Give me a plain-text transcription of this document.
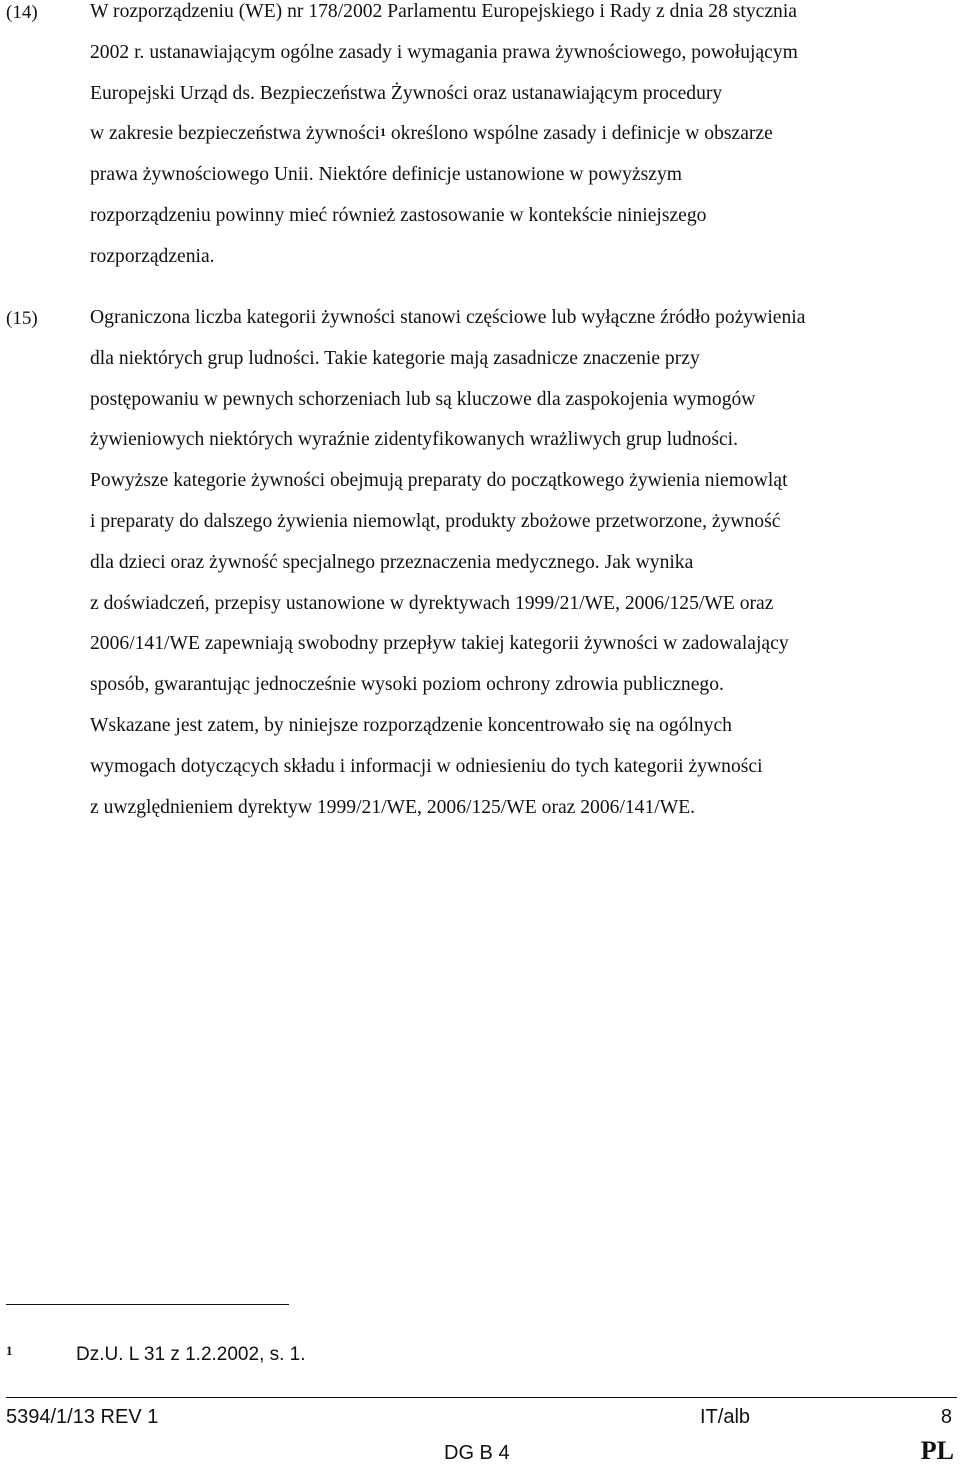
(14)	W rozporządzeniu (WE) nr 178/2002 Parlamentu Europejskiego i Rady z dnia 28 stycznia
2002 r. ustanawiającym ogólne zasady i wymagania prawa żywnościowego, powołującym
Europejski Urząd ds. Bezpieczeństwa Żywności oraz ustanawiającym procedury
w zakresie bezpieczeństwa żywności$^1$ określono wspólne zasady i definicje w obszarze
prawa żywnościowego Unii. Niektóre definicje ustanowione w powyższym
rozporządzeniu powinny mieć również zastosowanie w kontekście niniejszego
rozporządzenia.
(15)	Ograniczona liczba kategorii żywności stanowi częściowe lub wyłączne źródło pożywienia
dla niektórych grup ludności. Takie kategorie mają zasadnicze znaczenie przy
postępowaniu w pewnych schorzeniach lub są kluczowe dla zaspokojenia wymogów
żywieniowych niektórych wyraźnie zidentyfikowanych wrażliwych grup ludności.
Powyższe kategorie żywności obejmują preparaty do początkowego żywienia niemowląt
i preparaty do dalszego żywienia niemowląt, produkty zbożowe przetworzone, żywność
dla dzieci oraz żywność specjalnego przeznaczenia medycznego. Jak wynika
z doświadczeń, przepisy ustanowione w dyrektywach 1999/21/WE, 2006/125/WE oraz
2006/141/WE zapewniają swobodny przepływ takiej kategorii żywności w zadowalający
sposób, gwarantując jednocześnie wysoki poziom ochrony zdrowia publicznego.
Wskazane jest zatem, by niniejsze rozporządzenie koncentrowało się na ogólnych
wymogach dotyczących składu i informacji w odniesieniu do tych kategorii żywności
z uwzględnieniem dyrektyw 1999/21/WE, 2006/125/WE oraz 2006/141/WE.
1	Dz.U. L 31 z 1.2.2002, s. 1.
5394/1/13 REV 1	IT/alb	8
DG B 4	PL
